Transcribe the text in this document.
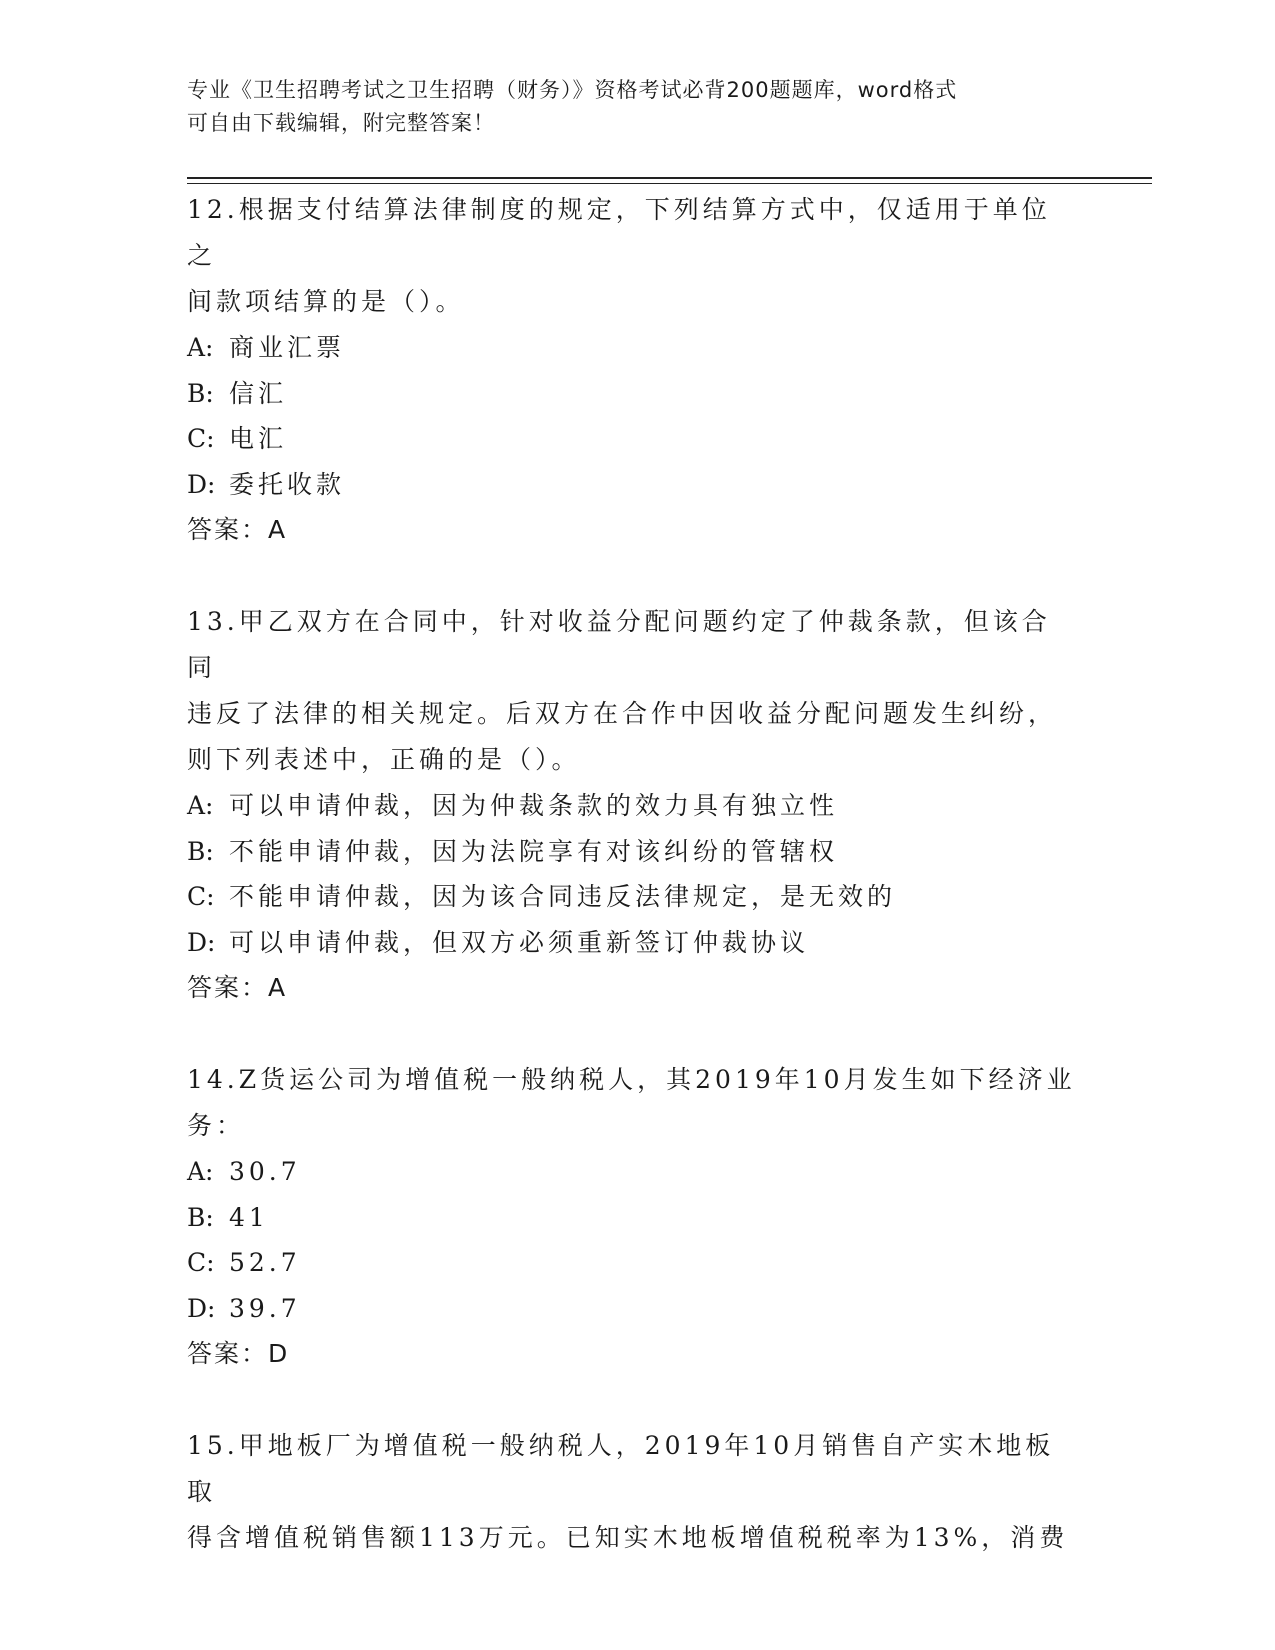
专业《卫生招聘考试之卫生招聘（财务）》资格考试必背200题题库，word格式
可自由下载编辑，附完整答案！
12.根据支付结算法律制度的规定，下列结算方式中，仅适用于单位之
间款项结算的是（）。
A: 商业汇票
B: 信汇
C: 电汇
D: 委托收款
答案：A
13.甲乙双方在合同中，针对收益分配问题约定了仲裁条款，但该合同
违反了法律的相关规定。后双方在合作中因收益分配问题发生纠纷，
则下列表述中，正确的是（）。
A: 可以申请仲裁，因为仲裁条款的效力具有独立性
B: 不能申请仲裁，因为法院享有对该纠纷的管辖权
C: 不能申请仲裁，因为该合同违反法律规定，是无效的
D: 可以申请仲裁，但双方必须重新签订仲裁协议
答案：A
14.Z货运公司为增值税一般纳税人，其2019年10月发生如下经济业
务：
A: 30.7
B: 41
C: 52.7
D: 39.7
答案：D
15.甲地板厂为增值税一般纳税人，2019年10月销售自产实木地板取
得含增值税销售额113万元。已知实木地板增值税税率为13%，消费
